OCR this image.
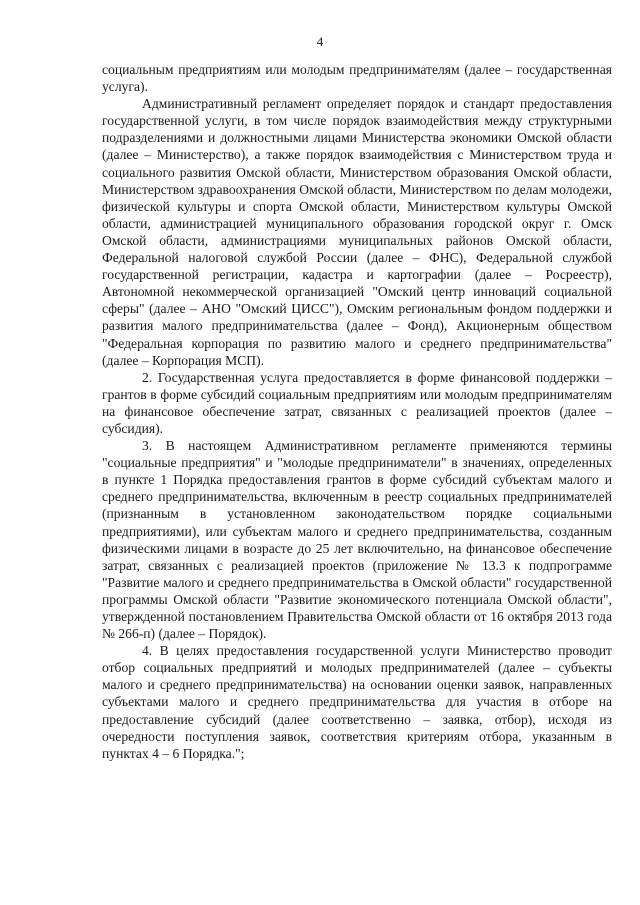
4

социальным предприятиям или молодым предпринимателям (далее – государственная услуга).

Административный регламент определяет порядок и стандарт предоставления государственной услуги, в том числе порядок взаимодействия между структурными подразделениями и должностными лицами Министерства экономики Омской области (далее – Министерство), а также порядок взаимодействия с Министерством труда и социального развития Омской области, Министерством образования Омской области, Министерством здравоохранения Омской области, Министерством по делам молодежи, физической культуры и спорта Омской области, Министерством культуры Омской области, администрацией муниципального образования городской округ г. Омск Омской области, администрациями муниципальных районов Омской области, Федеральной налоговой службой России (далее – ФНС), Федеральной службой государственной регистрации, кадастра и картографии (далее – Росреестр), Автономной некоммерческой организацией "Омский центр инноваций социальной сферы" (далее – АНО "Омский ЦИСС"), Омским региональным фондом поддержки и развития малого предпринимательства (далее – Фонд), Акционерным обществом "Федеральная корпорация по развитию малого и среднего предпринимательства" (далее – Корпорация МСП).

2. Государственная услуга предоставляется в форме финансовой поддержки – грантов в форме субсидий социальным предприятиям или молодым предпринимателям на финансовое обеспечение затрат, связанных с реализацией проектов (далее – субсидия).

3. В настоящем Административном регламенте применяются термины "социальные предприятия" и "молодые предприниматели" в значениях, определенных в пункте 1 Порядка предоставления грантов в форме субсидий субъектам малого и среднего предпринимательства, включенным в реестр социальных предпринимателей (признанным в установленном законодательством порядке социальными предприятиями), или субъектам малого и среднего предпринимательства, созданным физическими лицами в возрасте до 25 лет включительно, на финансовое обеспечение затрат, связанных с реализацией проектов (приложение № 13.3 к подпрограмме "Развитие малого и среднего предпринимательства в Омской области" государственной программы Омской области "Развитие экономического потенциала Омской области", утвержденной постановлением Правительства Омской области от 16 октября 2013 года № 266-п) (далее – Порядок).

4. В целях предоставления государственной услуги Министерство проводит отбор социальных предприятий и молодых предпринимателей (далее – субъекты малого и среднего предпринимательства) на основании оценки заявок, направленных субъектами малого и среднего предпринимательства для участия в отборе на предоставление субсидий (далее соответственно – заявка, отбор), исходя из очередности поступления заявок, соответствия критериям отбора, указанным в пунктах 4 – 6 Порядка.";
